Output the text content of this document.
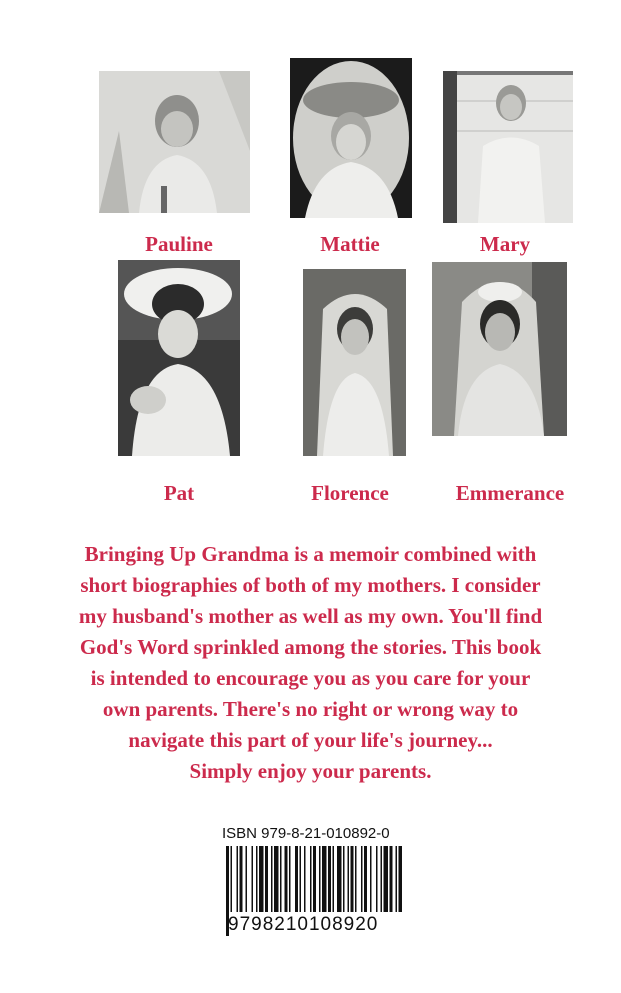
Pauline	Mattie	Mary
Pat	Florence	Emmerance
Bringing Up Grandma is a memoir combined with
short biographies of both of my mothers. I consider
my husband's mother as well as my own. You'll find
God's Word sprinkled among the stories. This book
is intended to encourage you as you care for your
own parents. There's no right or wrong way to
navigate this part of your life's journey...
Simply enjoy your parents.
ISBN 979-8-21-010892-0
9798210108920
